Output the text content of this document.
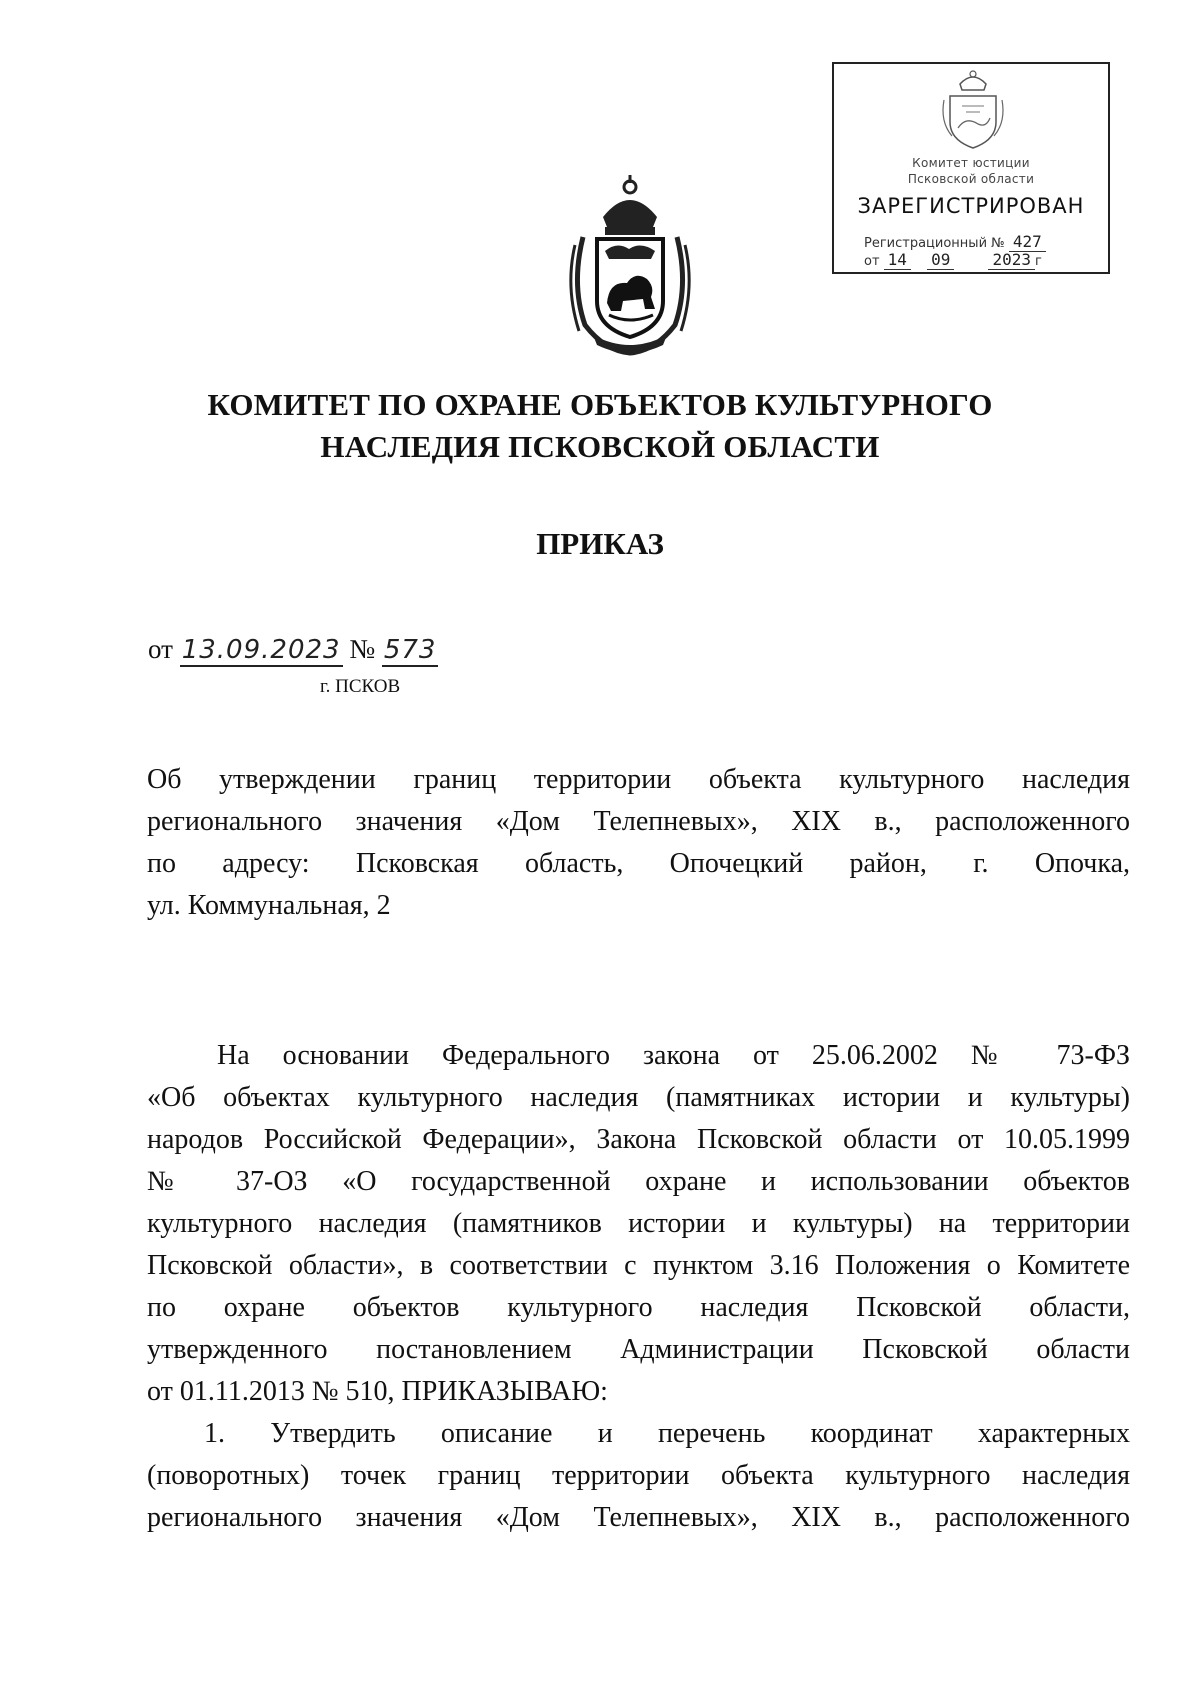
Комитет юстиции
Псковской области
ЗАРЕГИСТРИРОВАН
Регистрационный № 427
от 14 09	2023 г
КОМИТЕТ ПО ОХРАНЕ ОБЪЕКТОВ КУЛЬТУРНОГО
НАСЛЕДИЯ ПСКОВСКОЙ ОБЛАСТИ
ПРИКАЗ
от 13.09.2023 № 573
г. ПСКОВ
Об утверждении границ территории объекта культурного наследия
регионального значения «Дом Телепневых», XIX в., расположенного
по адресу: Псковская область, Опочецкий район, г. Опочка,
ул. Коммунальная, 2
На основании Федерального закона от 25.06.2002 № 73-ФЗ
«Об объектах культурного наследия (памятниках истории и культуры)
народов Российской Федерации», Закона Псковской области от 10.05.1999
№ 37-ОЗ «О государственной охране и использовании объектов
культурного наследия (памятников истории и культуры) на территории
Псковской области», в соответствии с пунктом 3.16 Положения о Комитете
по охране объектов культурного наследия Псковской области,
утвержденного постановлением Администрации Псковской области
от 01.11.2013 № 510, ПРИКАЗЫВАЮ:
1. Утвердить описание и перечень координат характерных
(поворотных) точек границ территории объекта культурного наследия
регионального значения «Дом Телепневых», XIX в., расположенного
